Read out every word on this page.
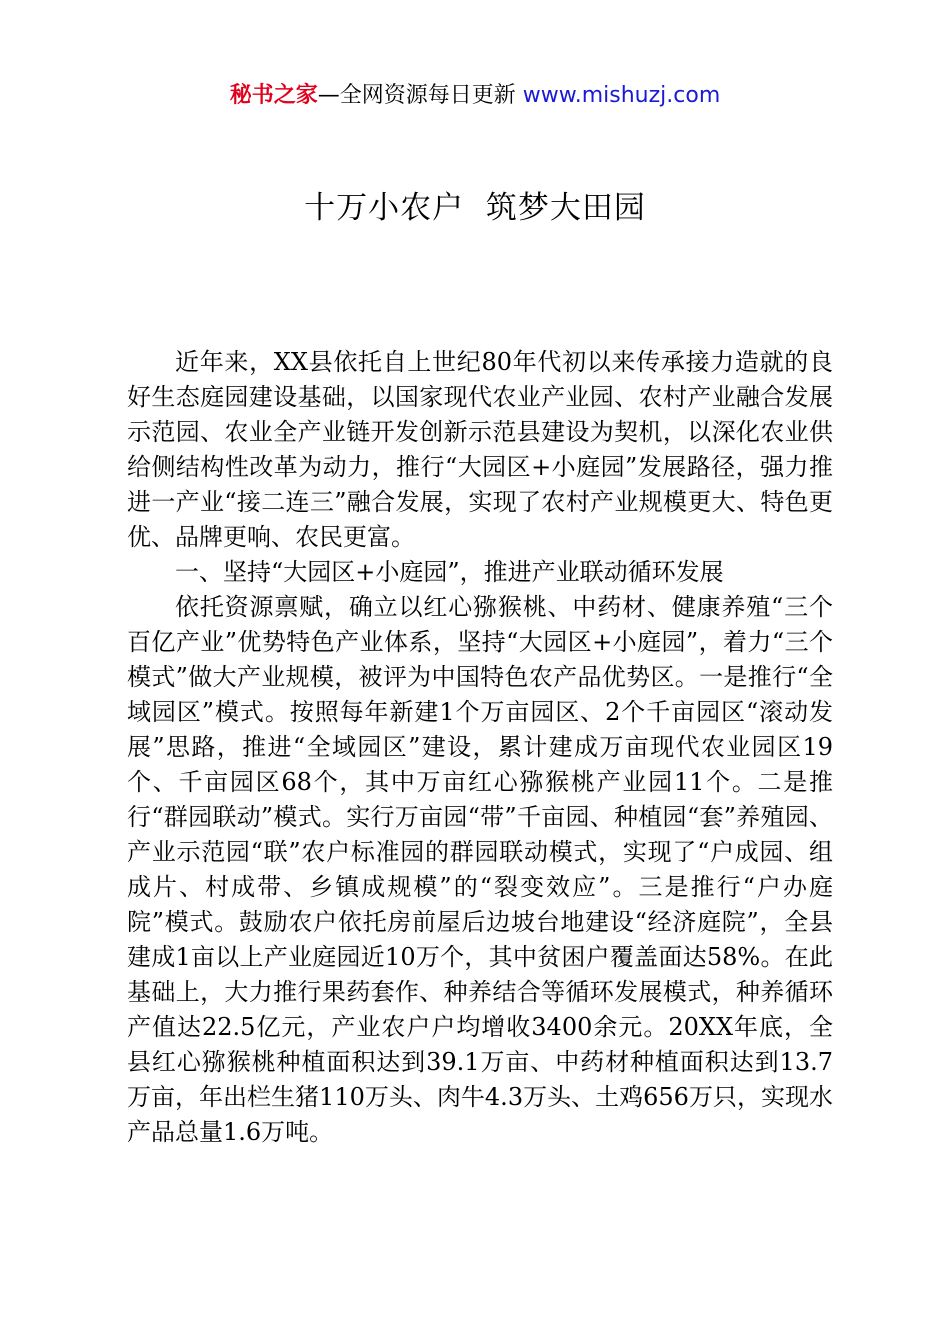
秘书之家—全网资源每日更新 www.mishuzj.com
十万小农户  筑梦大田园

近年来，XX县依托自上世纪80年代初以来传承接力造就的良好生态庭园建设基础，以国家现代农业产业园、农村产业融合发展示范园、农业全产业链开发创新示范县建设为契机，以深化农业供给侧结构性改革为动力，推行“大园区+小庭园”发展路径，强力推进一产业“接二连三”融合发展，实现了农村产业规模更大、特色更优、品牌更响、农民更富。

一、坚持“大园区+小庭园”，推进产业联动循环发展

依托资源禀赋，确立以红心猕猴桃、中药材、健康养殖“三个百亿产业”优势特色产业体系，坚持“大园区+小庭园”，着力“三个模式”做大产业规模，被评为中国特色农产品优势区。一是推行“全域园区”模式。按照每年新建1个万亩园区、2个千亩园区“滚动发展”思路，推进“全域园区”建设，累计建成万亩现代农业园区19个、千亩园区68个，其中万亩红心猕猴桃产业园11个。二是推行“群园联动”模式。实行万亩园“带”千亩园、种植园“套”养殖园、产业示范园“联”农户标准园的群园联动模式，实现了“户成园、组成片、村成带、乡镇成规模”的“裂变效应”。三是推行“户办庭院”模式。鼓励农户依托房前屋后边坡台地建设“经济庭院”，全县建成1亩以上产业庭园近10万个，其中贫困户覆盖面达58%。在此基础上，大力推行果药套作、种养结合等循环发展模式，种养循环产值达22.5亿元，产业农户户均增收3400余元。20XX年底，全县红心猕猴桃种植面积达到39.1万亩、中药材种植面积达到13.7万亩，年出栏生猪110万头、肉牛4.3万头、土鸡656万只，实现水产品总量1.6万吨。
